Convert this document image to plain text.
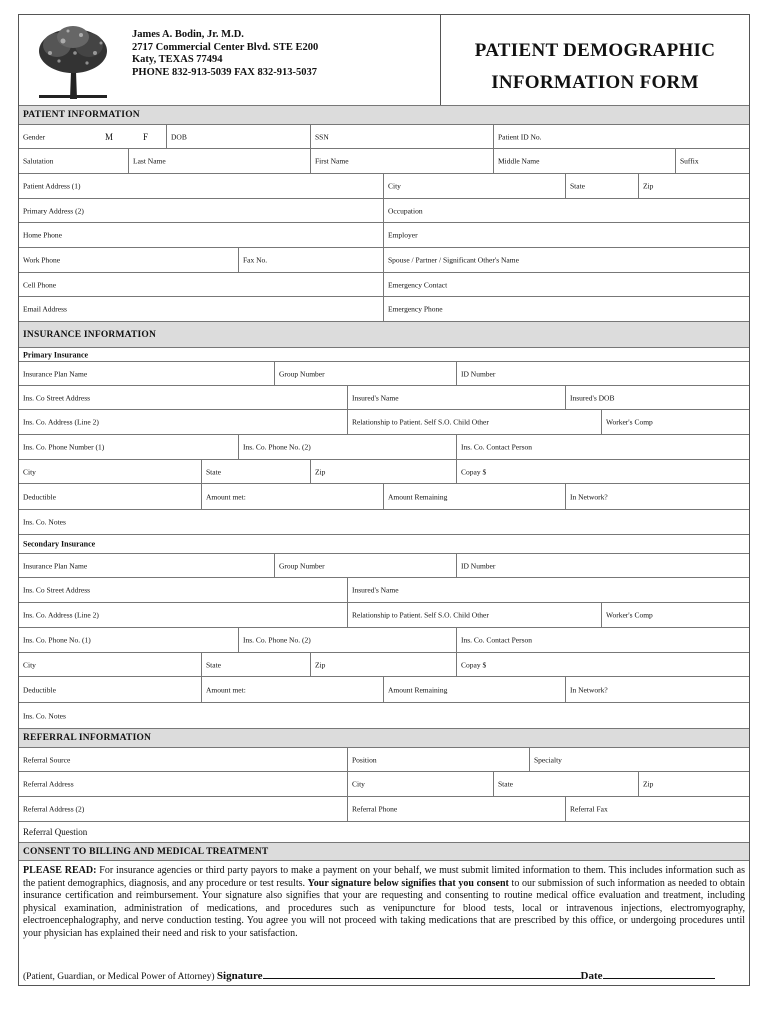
James A. Bodin, Jr. M.D.
2717 Commercial Center Blvd. STE E200
Katy, TEXAS 77494
PHONE 832-913-5039 FAX 832-913-5037
PATIENT DEMOGRAPHIC
INFORMATION FORM
PATIENT INFORMATION
Gender	M	F	DOB	SSN	Patient ID No.
Salutation	Last Name	First Name	Middle Name	Suffix
Patient Address (1)	City	State	Zip
Primary Address (2)	Occupation
Home Phone	Employer
Work Phone	Fax No.	Spouse / Partner / Significant Other's Name
Cell Phone	Emergency Contact
Email Address	Emergency Phone
INSURANCE INFORMATION
Primary Insurance
Insurance Plan Name	Group Number	ID Number
Ins. Co Street Address	Insured's Name	Insured's DOB
Ins. Co. Address (Line 2)	Relationship to Patient. Self S.O. Child Other	Worker's Comp
Ins. Co. Phone Number (1)	Ins. Co. Phone No. (2)	Ins. Co. Contact Person
City	State	Zip	Copay $
Deductible	Amount met:	Amount Remaining	In Network?
Ins. Co. Notes
Secondary Insurance
Insurance Plan Name	Group Number	ID Number
Ins. Co Street Address	Insured's Name
Ins. Co. Address (Line 2)	Relationship to Patient. Self S.O. Child Other	Worker's Comp
Ins. Co. Phone No. (1)	Ins. Co. Phone No. (2)	Ins. Co. Contact Person
City	State	Zip	Copay $
Deductible	Amount met:	Amount Remaining	In Network?
Ins. Co. Notes
REFERRAL INFORMATION
Referral Source	Position	Specialty
Referral Address	City	State	Zip
Referral Address (2)	Referral Phone	Referral Fax
Referral Question
CONSENT TO BILLING AND MEDICAL TREATMENT
PLEASE READ: For insurance agencies or third party payors to make a payment on your behalf, we must submit limited information to them. This includes information such as the patient demographics, diagnosis, and any procedure or test results. Your signature below signifies that you consent to our submission of such information as needed to obtain insurance certification and reimbursement. Your signature also signifies that your are requesting and consenting to routine medical office evaluation and treatment, including physical examination, administration of medications, and procedures such as venipuncture for blood tests, local or intravenous injections, electromyography, electroencephalography, and nerve conduction testing. You agree you will not proceed with taking medications that are prescribed by this office, or undergoing procedures until your physician has explained their need and risk to your satisfaction.
(Patient, Guardian, or Medical Power of Attorney) Signature	Date
